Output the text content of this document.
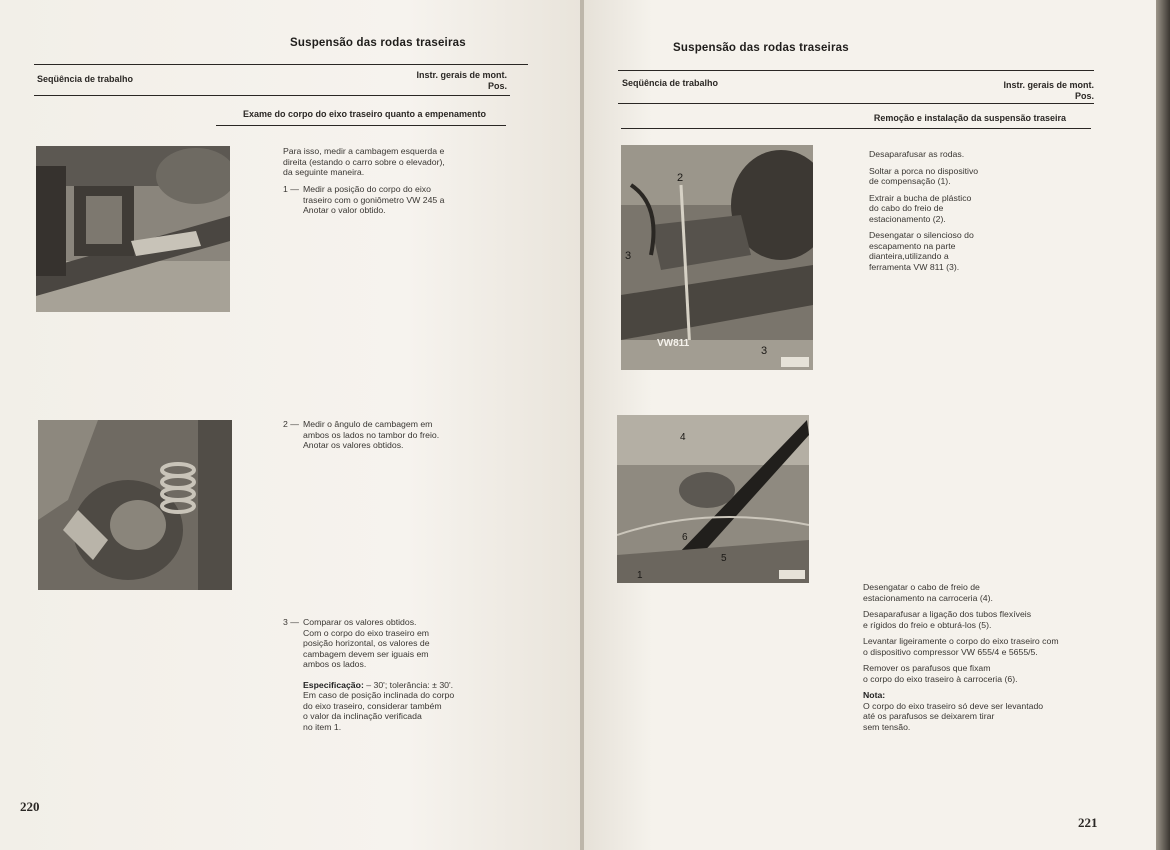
Suspensão das rodas traseiras
Seqüência de trabalho	Instr. gerais de mont.
Pos.
Exame do corpo do eixo traseiro quanto a empenamento
Para isso, medir a cambagem esquerda e
direita (estando o carro sobre o elevador),
da seguinte maneira.
1 — Medir a posição do corpo do eixo
traseiro com o goniômetro VW 245 a
Anotar o valor obtido.
2 — Medir o ângulo de cambagem em
ambos os lados no tambor do freio.
Anotar os valores obtidos.
3 — Comparar os valores obtidos.
Com o corpo do eixo traseiro em
posição horizontal, os valores de
cambagem devem ser iguais em
ambos os lados.
Especificação: – 30'; tolerância: ± 30'.
Em caso de posição inclinada do corpo
do eixo traseiro, considerar também
o valor da inclinação verificada
no item 1.
220
Suspensão das rodas traseiras
Seqüência de trabalho	Instr. gerais de mont.
Pos.
Remoção e instalação da suspensão traseira
2
3
VW811
3

Desaparafusar as rodas.

Soltar a porca no dispositivo
de compensação (1).

Extrair a bucha de plástico
do cabo do freio de
estacionamento (2).

Desengatar o silencioso do
escapamento na parte
dianteira,utilizando a
ferramenta VW 811 (3).

4
6
5
1

Desengatar o cabo de freio de
estacionamento na carroceria (4).

Desaparafusar a ligação dos tubos flexíveis
e rígidos do freio e obturá-los (5).

Levantar ligeiramente o corpo do eixo traseiro com
o dispositivo compressor VW 655/4 e 5655/5.

Remover os parafusos que fixam
o corpo do eixo traseiro à carroceria (6).

Nota:
O corpo do eixo traseiro só deve ser levantado
até os parafusos se deixarem tirar
sem tensão.
221
